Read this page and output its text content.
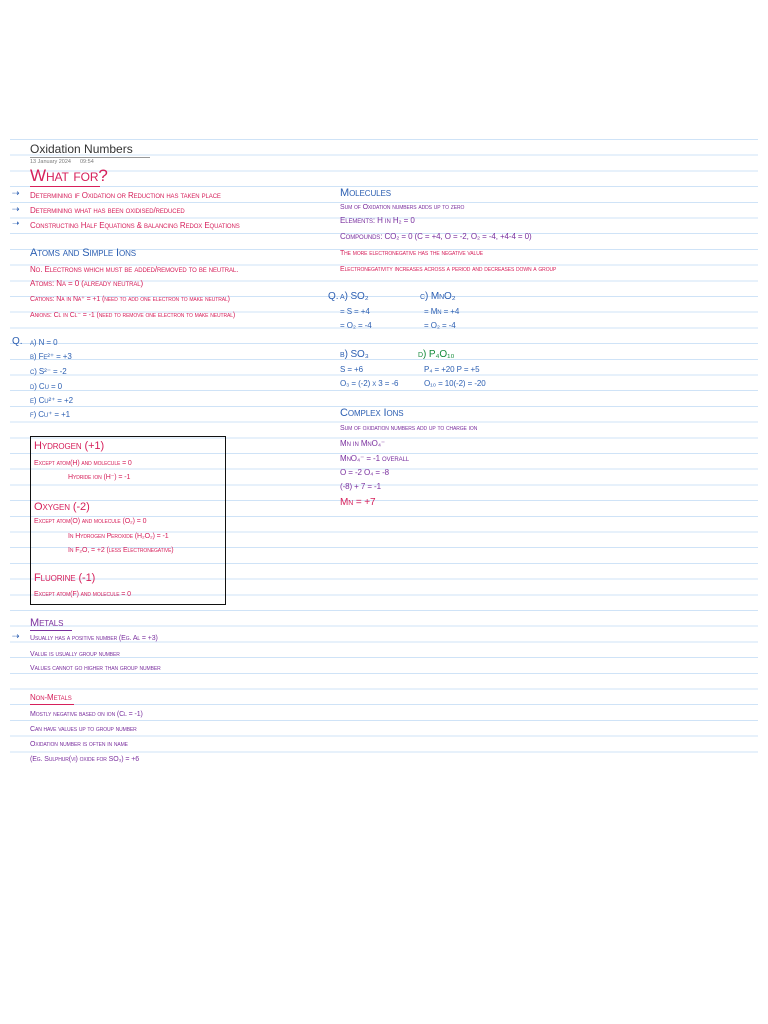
Oxidation Numbers
13 January 2024 09:54
What for?
⇢ Determining if Oxidation or Reduction has taken place
⇢ Determining what has been oxidised/reduced
➝ Constructing Half Equations & balancing Redox Equations
Atoms and Simple Ions
No. Electrons which must be added/removed to be neutral.
Atoms: Na = 0 (already neutral)
Cations: Na in Na⁺ = +1 (need to add one electron to make neutral)
Anions: Cl in Cl⁻ = -1 (need to remove one electron to make neutral)
Q. a) N = 0
b) Fe²⁺ = +3
c) S²⁻ = -2
d) Cu = 0
e) Cu²⁺ = +2
f) Cu⁺ = +1
Hydrogen (+1)
Except atom(H) and molecule = 0
Hydride ion (H⁻) = -1
Oxygen (-2)
Except atom(O) and molecule (O₂) = 0
In Hydrogen Peroxide (H₂O₂) = -1
In F₂O, = +2 (less Electronegative)
Fluorine (-1)
Except atom(F) and molecule = 0
Metals
⇢ Usually has a positive number (Eg. Al = +3)
Value is usually group number
Values cannot go higher than group number
Non-Metals
Mostly negative based on ion (Cl = -1)
Can have values up to group number
Oxidation number is often in name
(Eg. Sulphur(vi) oxide for SO₃) = +6
Molecules
Sum of Oxidation numbers adds up to zero
Elements: H in H₂ = 0
Compounds: CO₂ = 0 (C = +4, O = -2, O₂ = -4, +4-4 = 0)
The more electronegative has the negative value
Electronegativity increases across a period and decreases down a group
Q. a) SO₂
= S = +4
= O₂ = -4
c) MnO₂
= Mn = +4
= O₂ = -4
b) SO₃
S = +6
O₃ = (-2) x 3 = -6
d) P₄O₁₀
P₄ = +20 P = +5
O₁₀ = 10(-2) = -20
Complex Ions
Sum of oxidation numbers add up to charge ion
Mn in MnO₄⁻
MnO₄⁻ = -1 overall
O = -2 O₄ = -8
(-8) + 7 = -1
Mn = +7
